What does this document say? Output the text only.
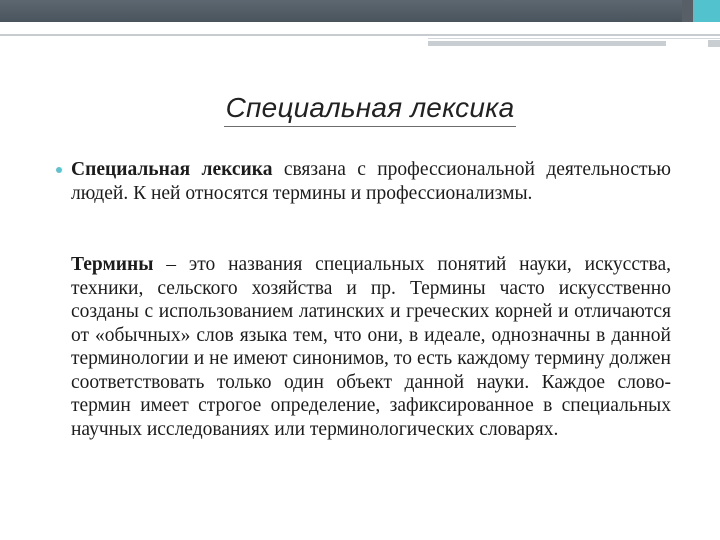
Специальная лексика
Специальная лексика связана с профессиональной деятельностью людей. К ней относятся термины и профессионализмы.
Термины – это названия специальных понятий науки, искусства, техники, сельского хозяйства и пр. Термины часто искусственно созданы с использованием латинских и греческих корней и отличаются от «обычных» слов языка тем, что они, в идеале, однозначны в данной терминологии и не имеют синонимов, то есть каждому термину должен соответствовать только один объект данной науки. Каждое слово-термин имеет строгое определение, зафиксированное в специальных научных исследованиях или терминологических словарях.
